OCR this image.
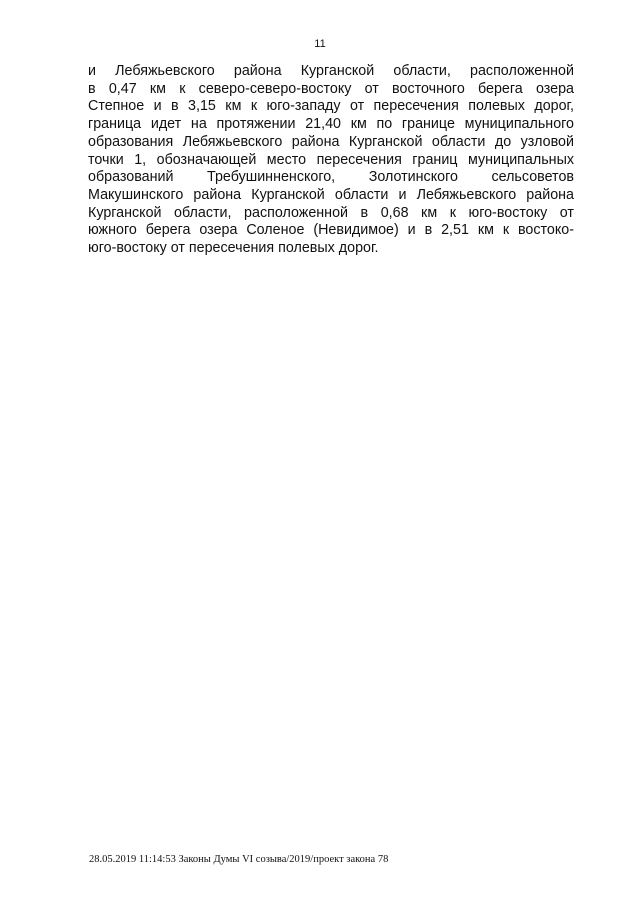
11
и Лебяжьевского района Курганской области, расположенной
в 0,47 км к северо-северо-востоку от восточного берега озера
Степное и в 3,15 км к юго-западу от пересечения полевых дорог,
граница идет на протяжении 21,40 км по границе муниципального
образования Лебяжьевского района Курганской области до узловой
точки 1, обозначающей место пересечения границ муниципальных
образований Требушинненского, Золотинского сельсоветов
Макушинского района Курганской области и Лебяжьевского района
Курганской области, расположенной в 0,68 км к юго-востоку от
южного берега озера Соленое (Невидимое) и в 2,51 км к востоко-
юго-востоку от пересечения полевых дорог.
28.05.2019 11:14:53 Законы Думы VI созыва/2019/проект закона 78
